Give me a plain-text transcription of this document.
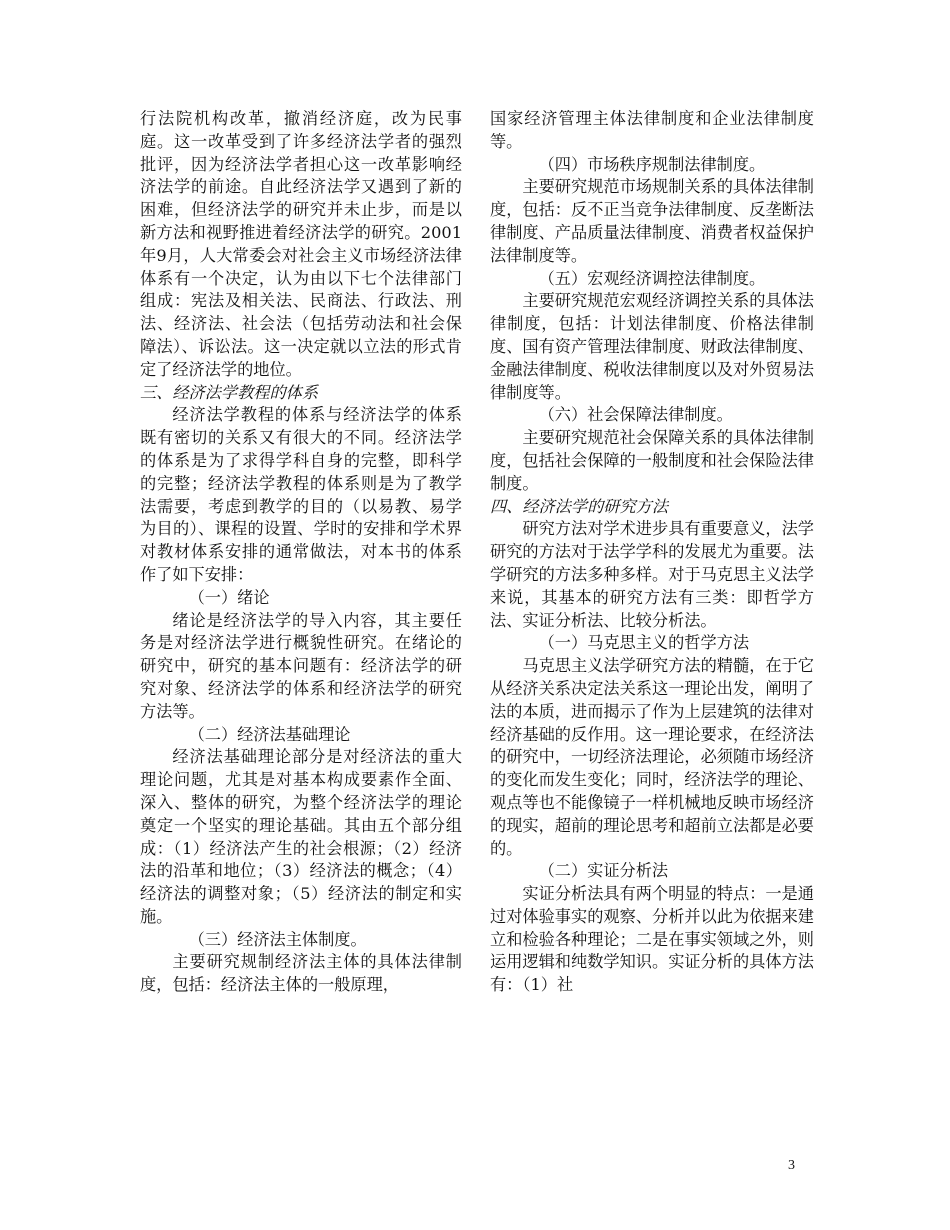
行法院机构改革，撤消经济庭，改为民事庭。这一改革受到了许多经济法学者的强烈批评，因为经济法学者担心这一改革影响经济法学的前途。自此经济法学又遇到了新的困难，但经济法学的研究并未止步，而是以新方法和视野推进着经济法学的研究。2001年9月，人大常委会对社会主义市场经济法律体系有一个决定，认为由以下七个法律部门组成：宪法及相关法、民商法、行政法、刑法、经济法、社会法（包括劳动法和社会保障法）、诉讼法。这一决定就以立法的形式肯定了经济法学的地位。

三、经济法学教程的体系

经济法学教程的体系与经济法学的体系既有密切的关系又有很大的不同。经济法学的体系是为了求得学科自身的完整，即科学的完整；经济法学教程的体系则是为了教学法需要，考虑到教学的目的（以易教、易学为目的）、课程的设置、学时的安排和学术界对教材体系安排的通常做法，对本书的体系作了如下安排：

（一）绪论

绪论是经济法学的导入内容，其主要任务是对经济法学进行概貌性研究。在绪论的研究中，研究的基本问题有：经济法学的研究对象、经济法学的体系和经济法学的研究方法等。

（二）经济法基础理论

经济法基础理论部分是对经济法的重大理论问题，尤其是对基本构成要素作全面、深入、整体的研究，为整个经济法学的理论奠定一个坚实的理论基础。其由五个部分组成：（1）经济法产生的社会根源；（2）经济法的沿革和地位；（3）经济法的概念；（4）经济法的调整对象；（5）经济法的制定和实施。

（三）经济法主体制度。

主要研究规制经济法主体的具体法律制度，包括：经济法主体的一般原理，

国家经济管理主体法律制度和企业法律制度等。

（四）市场秩序规制法律制度。

主要研究规范市场规制关系的具体法律制度，包括：反不正当竞争法律制度、反垄断法律制度、产品质量法律制度、消费者权益保护法律制度等。

（五）宏观经济调控法律制度。

主要研究规范宏观经济调控关系的具体法律制度，包括：计划法律制度、价格法律制度、国有资产管理法律制度、财政法律制度、金融法律制度、税收法律制度以及对外贸易法律制度等。

（六）社会保障法律制度。

主要研究规范社会保障关系的具体法律制度，包括社会保障的一般制度和社会保险法律制度。

四、经济法学的研究方法

研究方法对学术进步具有重要意义，法学研究的方法对于法学学科的发展尤为重要。法学研究的方法多种多样。对于马克思主义法学来说，其基本的研究方法有三类：即哲学方法、实证分析法、比较分析法。

（一）马克思主义的哲学方法

马克思主义法学研究方法的精髓，在于它从经济关系决定法关系这一理论出发，阐明了法的本质，进而揭示了作为上层建筑的法律对经济基础的反作用。这一理论要求，在经济法的研究中，一切经济法理论，必须随市场经济的变化而发生变化；同时，经济法学的理论、观点等也不能像镜子一样机械地反映市场经济的现实，超前的理论思考和超前立法都是必要的。

（二）实证分析法

实证分析法具有两个明显的特点：一是通过对体验事实的观察、分析并以此为依据来建立和检验各种理论；二是在事实领域之外，则运用逻辑和纯数学知识。实证分析的具体方法有：（1）社

3
